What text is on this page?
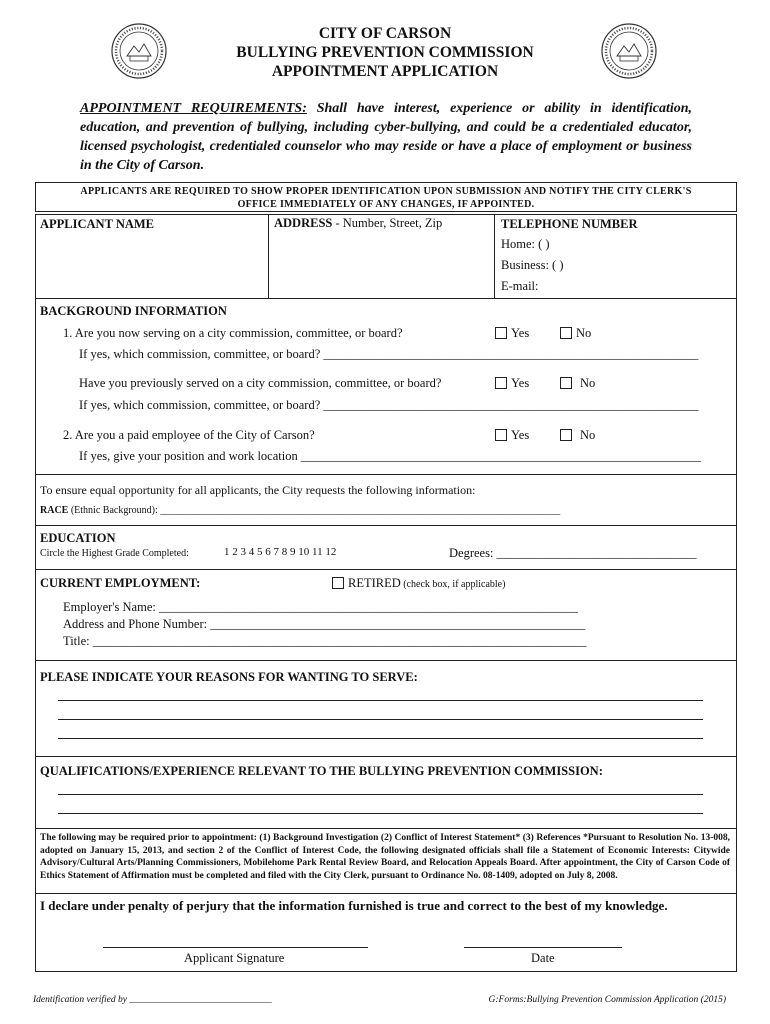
CITY OF CARSON
BULLYING PREVENTION COMMISSION
APPOINTMENT APPLICATION
APPOINTMENT REQUIREMENTS: Shall have interest, experience or ability in identification, education, and prevention of bullying, including cyber-bullying, and could be a credentialed educator, licensed psychologist, credentialed counselor who may reside or have a place of employment or business in the City of Carson.
APPLICANTS ARE REQUIRED TO SHOW PROPER IDENTIFICATION UPON SUBMISSION AND NOTIFY THE CITY CLERK'S
OFFICE IMMEDIATELY OF ANY CHANGES, IF APPOINTED.
APPLICANT NAME	ADDRESS - Number, Street, Zip	TELEPHONE NUMBER
Home: ( )
Business: ( )
E-mail:
BACKGROUND INFORMATION
1. Are you now serving on a city commission, committee, or board?	Yes	No
If yes, which commission, committee, or board? ____________________________________________________________
Have you previously served on a city commission, committee, or board?	Yes	No
If yes, which commission, committee, or board? ____________________________________________________________
2. Are you a paid employee of the City of Carson?	Yes	No
If yes, give your position and work location ________________________________________________________________
To ensure equal opportunity for all applicants, the City requests the following information:
RACE (Ethnic Background): ________________________________________________________________________________
EDUCATION
Circle the Highest Grade Completed:	1 2 3 4 5 6 7 8 9 10 11 12	Degrees: ________________________________
CURRENT EMPLOYMENT:	RETIRED (check box, if applicable)
Employer's Name: ___________________________________________________________________
Address and Phone Number: ____________________________________________________________
Title: _______________________________________________________________________________
PLEASE INDICATE YOUR REASONS FOR WANTING TO SERVE:
QUALIFICATIONS/EXPERIENCE RELEVANT TO THE BULLYING PREVENTION COMMISSION:
The following may be required prior to appointment: (1) Background Investigation (2) Conflict of Interest Statement* (3) References *Pursuant to Resolution No. 13-008, adopted on January 15, 2013, and section 2 of the Conflict of Interest Code, the following designated officials shall file a Statement of Economic Interests: Citywide Advisory/Cultural Arts/Planning Commissioners, Mobilehome Park Rental Review Board, and Relocation Appeals Board. After appointment, the City of Carson Code of Ethics Statement of Affirmation must be completed and filed with the City Clerk, pursuant to Ordinance No. 08-1409, adopted on July 8, 2008.
I declare under penalty of perjury that the information furnished is true and correct to the best of my knowledge.
Applicant Signature	Date
Identification verified by ______________________________	G:Forms:Bullying Prevention Commission Application (2015)
